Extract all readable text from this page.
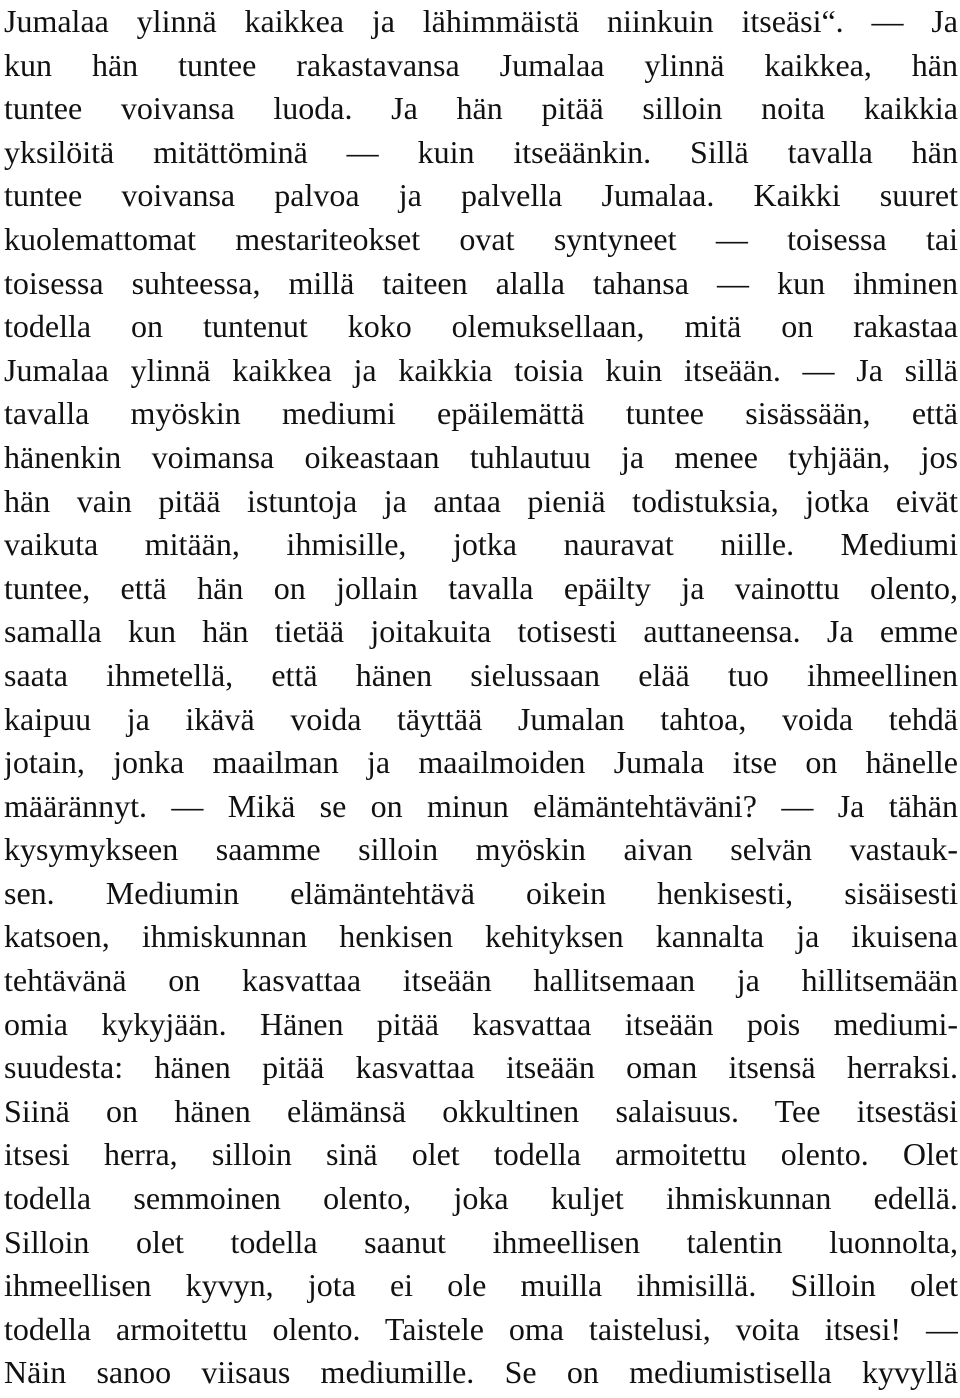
Jumalaa ylinnä kaikkea ja lähimmäistä niinkuin itseäsi“. — Ja
kun hän tuntee rakastavansa Jumalaa ylinnä kaikkea, hän
tuntee voivansa luoda. Ja hän pitää silloin noita kaikkia
yksilöitä mitättöminä — kuin itseäänkin. Sillä tavalla hän
tuntee voivansa palvoa ja palvella Jumalaa. Kaikki suuret
kuolemattomat mestariteokset ovat syntyneet — toisessa tai
toisessa suhteessa, millä taiteen alalla tahansa — kun ihminen
todella on tuntenut koko olemuksellaan, mitä on rakastaa
Jumalaa ylinnä kaikkea ja kaikkia toisia kuin itseään. — Ja sillä
tavalla myöskin mediumi epäilemättä tuntee sisässään, että
hänenkin voimansa oikeastaan tuhlautuu ja menee tyhjään, jos
hän vain pitää istuntoja ja antaa pieniä todistuksia, jotka eivät
vaikuta mitään, ihmisille, jotka nauravat niille. Mediumi
tuntee, että hän on jollain tavalla epäilty ja vainottu olento,
samalla kun hän tietää joitakuita totisesti auttaneensa. Ja emme
saata ihmetellä, että hänen sielussaan elää tuo ihmeellinen
kaipuu ja ikävä voida täyttää Jumalan tahtoa, voida tehdä
jotain, jonka maailman ja maailmoiden Jumala itse on hänelle
määrännyt. — Mikä se on minun elämäntehtäväni? — Ja tähän
kysymykseen saamme silloin myöskin aivan selvän vastauk-
sen. Mediumin elämäntehtävä oikein henkisesti, sisäisesti
katsoen, ihmiskunnan henkisen kehityksen kannalta ja ikuisena
tehtävänä on kasvattaa itseään hallitsemaan ja hillitsemään
omia kykyjään. Hänen pitää kasvattaa itseään pois mediumi-
suudesta: hänen pitää kasvattaa itseään oman itsensä herraksi.
Siinä on hänen elämänsä okkultinen salaisuus. Tee itsestäsi
itsesi herra, silloin sinä olet todella armoitettu olento. Olet
todella semmoinen olento, joka kuljet ihmiskunnan edellä.
Silloin olet todella saanut ihmeellisen talentin luonnolta,
ihmeellisen kyvyn, jota ei ole muilla ihmisillä. Silloin olet
todella armoitettu olento. Taistele oma taistelusi, voita itsesi! —
Näin sanoo viisaus mediumille. Se on mediumistisella kyvyllä
